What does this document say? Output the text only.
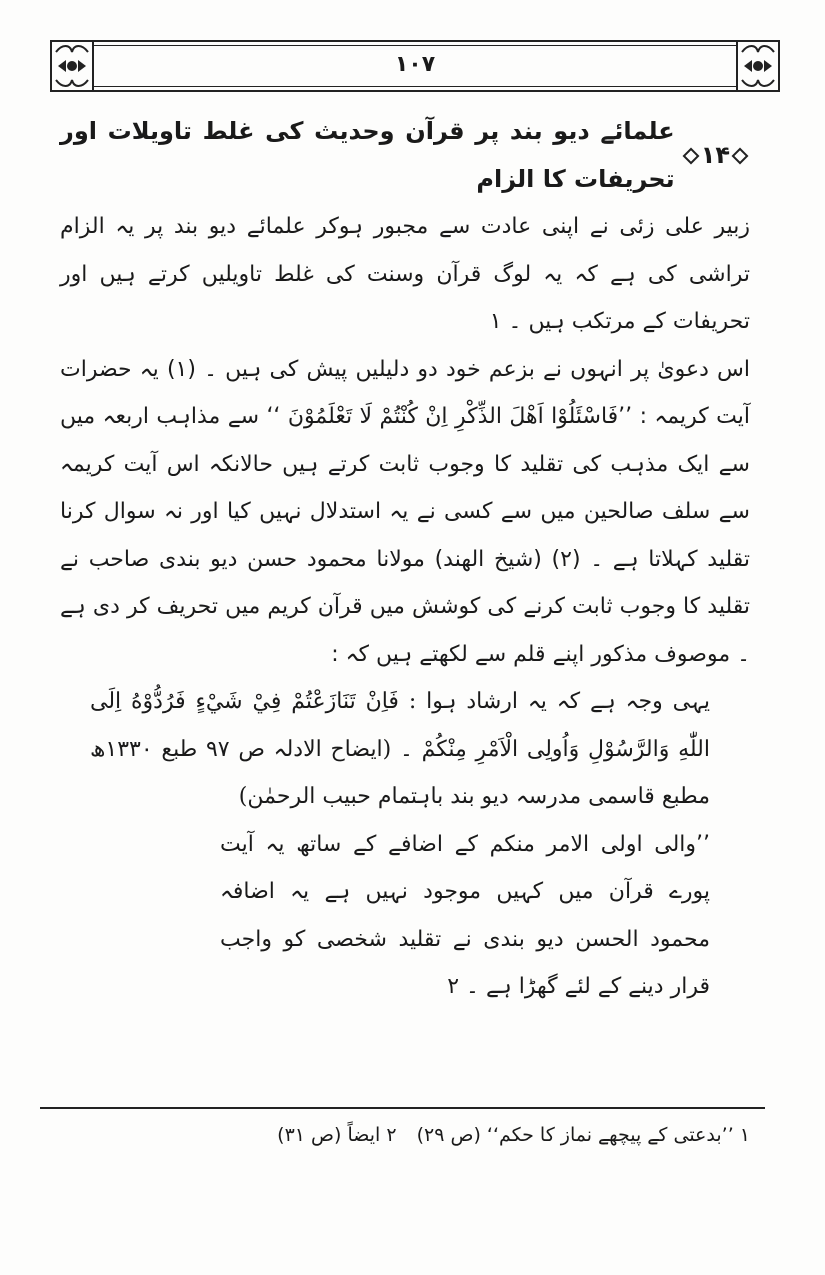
۱۰۷

۱۴
علمائے دیو بند پر قرآن وحدیث کی غلط تاویلات اور تحریفات کا الزام

زبیر علی زئی نے اپنی عادت سے مجبور ہوکر علمائے دیو بند پر یہ الزام تراشی کی ہے کہ یہ لوگ قرآن وسنت کی غلط تاویلیں کرتے ہیں اور تحریفات کے مرتکب ہیں ۔ ۱

اس دعویٰ پر انہوں نے بزعم خود دو دلیلیں پیش کی ہیں ۔ (۱) یہ حضرات آیت کریمہ : ’’فَاسْئَلُوْا اَهْلَ الذِّكْرِ اِنْ كُنْتُمْ لَا تَعْلَمُوْنَ ‘‘ سے مذاہب اربعہ میں سے ایک مذہب کی تقلید کا وجوب ثابت کرتے ہیں حالانکہ اس آیت کریمہ سے سلف صالحین میں سے کسی نے یہ استدلال نہیں کیا اور نہ سوال کرنا تقلید کہلاتا ہے ۔ (۲) (شیخ الھند) مولانا محمود حسن دیو بندی صاحب نے تقلید کا وجوب ثابت کرنے کی کوشش میں قرآن کریم میں تحریف کر دی ہے ۔ موصوف مذکور اپنے قلم سے لکھتے ہیں کہ :

یہی وجہ ہے کہ یہ ارشاد ہوا : فَاِنْ تَنَازَعْتُمْ فِيْ شَيْءٍ فَرُدُّوْهُ اِلَى اللّٰهِ وَالرَّسُوْلِ وَاُولِى الْاَمْرِ مِنْكُمْ ۔ (ایضاح الادلہ ص ۹۷ طبع ۱۳۳۰ھ مطبع قاسمی مدرسہ دیو بند باہتمام حبیب الرحمٰن)

’’والی اولی الامر منکم کے اضافے کے ساتھ یہ آیت پورے قرآن میں کہیں موجود نہیں ہے یہ اضافہ محمود الحسن دیو بندی نے تقلید شخصی کو واجب قرار دینے کے لئے گھڑا ہے ۔ ۲

۱ ’’بدعتی کے پیچھے نماز کا حکم‘‘ (ص ۲۹) ۲ ایضاً (ص ۳۱)
